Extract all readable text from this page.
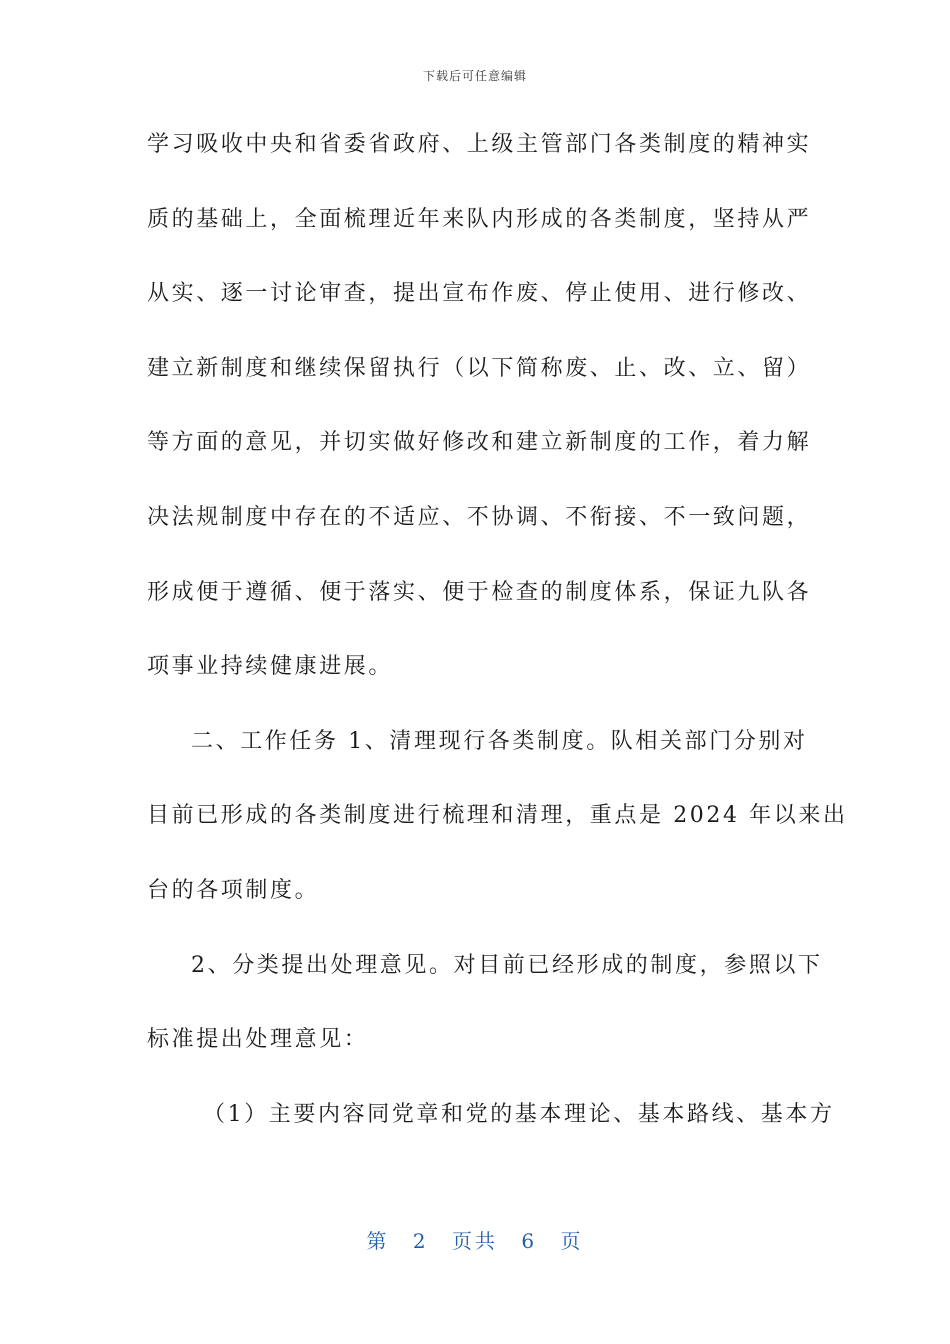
下载后可任意编辑
学习吸收中央和省委省政府、上级主管部门各类制度的精神实
质的基础上，全面梳理近年来队内形成的各类制度，坚持从严
从实、逐一讨论审查，提出宣布作废、停止使用、进行修改、
建立新制度和继续保留执行（以下简称废、止、改、立、留）
等方面的意见，并切实做好修改和建立新制度的工作，着力解
决法规制度中存在的不适应、不协调、不衔接、不一致问题，
形成便于遵循、便于落实、便于检查的制度体系，保证九队各
项事业持续健康进展。
二、工作任务 1、清理现行各类制度。队相关部门分别对
目前已形成的各类制度进行梳理和清理，重点是 2024 年以来出
台的各项制度。
2、分类提出处理意见。对目前已经形成的制度，参照以下
标准提出处理意见：
（1）主要内容同党章和党的基本理论、基本路线、基本方
第 2 页共 6 页
